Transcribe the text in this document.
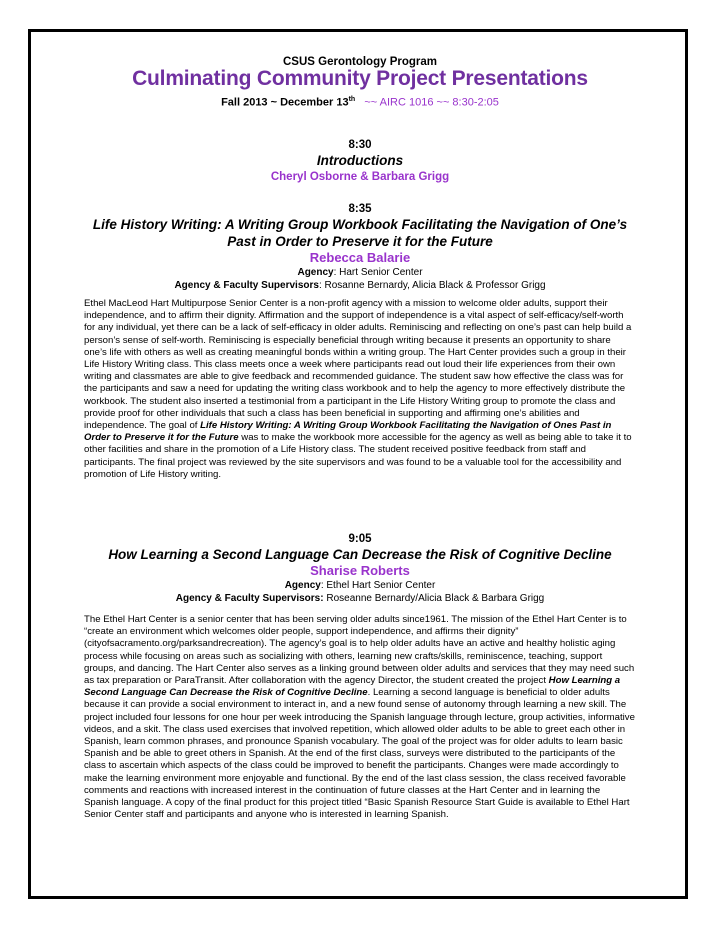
CSUS Gerontology Program

Culminating Community Project Presentations

Fall 2013 ~ December 13th ~~ AIRC 1016 ~~ 8:30-2:05

8:30

Introductions

Cheryl Osborne & Barbara Grigg

8:35

Life History Writing: A Writing Group Workbook Facilitating the Navigation of One’s Past in Order to Preserve it for the Future

Rebecca Balarie

Agency: Hart Senior Center

Agency & Faculty Supervisors: Rosanne Bernardy, Alicia Black & Professor Grigg

Ethel MacLeod Hart Multipurpose Senior Center is a non-profit agency with a mission to welcome older adults, support their independence, and to affirm their dignity. Affirmation and the support of independence is a vital aspect of self-efficacy/self-worth for any individual, yet there can be a lack of self-efficacy in older adults. Reminiscing and reflecting on one’s past can help build a person’s sense of self-worth. Reminiscing is especially beneficial through writing because it presents an opportunity to share one’s life with others as well as creating meaningful bonds within a writing group. The Hart Center provides such a group in their Life History Writing class. This class meets once a week where participants read out loud their life experiences from their own writing and classmates are able to give feedback and recommended guidance. The student saw how effective the class was for the participants and saw a need for updating the writing class workbook and to help the agency to more effectively distribute the workbook. The student also inserted a testimonial from a participant in the Life History Writing group to promote the class and provide proof for other individuals that such a class has been beneficial in supporting and affirming one’s abilities and independence. The goal of Life History Writing: A Writing Group Workbook Facilitating the Navigation of Ones Past in Order to Preserve it for the Future was to make the workbook more accessible for the agency as well as being able to take it to other facilities and share in the promotion of a Life History class. The student received positive feedback from staff and participants. The final project was reviewed by the site supervisors and was found to be a valuable tool for the accessibility and promotion of Life History writing.

9:05

How Learning a Second Language Can Decrease the Risk of Cognitive Decline

Sharise Roberts

Agency: Ethel Hart Senior Center

Agency & Faculty Supervisors: Roseanne Bernardy/Alicia Black & Barbara Grigg

The Ethel Hart Center is a senior center that has been serving older adults since1961. The mission of the Ethel Hart Center is to “create an environment which welcomes older people, support independence, and affirms their dignity” (cityofsacramento.org/parksandrecreation). The agency’s goal is to help older adults have an active and healthy holistic aging process while focusing on areas such as socializing with others, learning new crafts/skills, reminiscence, teaching, support groups, and dancing. The Hart Center also serves as a linking ground between older adults and services that they may need such as tax preparation or ParaTransit. After collaboration with the agency Director, the student created the project How Learning a Second Language Can Decrease the Risk of Cognitive Decline. Learning a second language is beneficial to older adults because it can provide a social environment to interact in, and a new found sense of autonomy through learning a new skill. The project included four lessons for one hour per week introducing the Spanish language through lecture, group activities, informative videos, and a skit. The class used exercises that involved repetition, which allowed older adults to be able to greet each other in Spanish, learn common phrases, and pronounce Spanish vocabulary. The goal of the project was for older adults to learn basic Spanish and be able to greet others in Spanish. At the end of the first class, surveys were distributed to the participants of the class to ascertain which aspects of the class could be improved to benefit the participants. Changes were made accordingly to make the learning environment more enjoyable and functional. By the end of the last class session, the class received favorable comments and reactions with increased interest in the continuation of future classes at the Hart Center and in learning the Spanish language. A copy of the final product for this project titled “Basic Spanish Resource Start Guide is available to Ethel Hart Senior Center staff and participants and anyone who is interested in learning Spanish.
